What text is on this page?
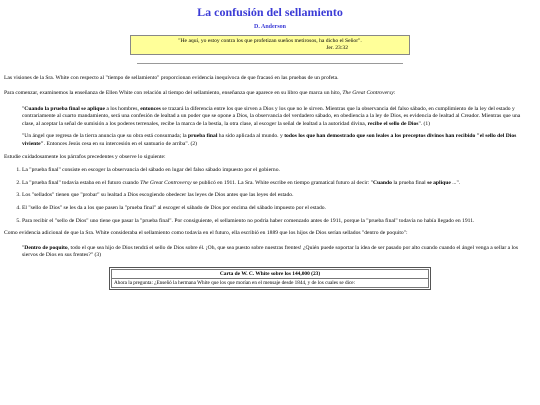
La confusión del sellamiento
D. Anderson
"He aquí, yo estoy contra los que profetizan sueños metirosos, ha dicho el Señor".
Jer. 23:32

Las visiones de la Sra. White con respecto al "tiempo de sellamiento" proporcionan evidencia inequívoca de que fracasó en las pruebas de un profeta.

Para comenzar, examinemos la enseñanza de Ellen White con relación al tiempo del sellamiento, enseñanza que aparece en su libro que marca un hito, The Great Controversy:

"Cuando la prueba final se aplique a los hombres, entonces se trazará la diferencia entre los que sirven a Dios y los que no le sirven. Mientras que la observancia del falso sábado, en cumplimiento de la ley del estado y contrariamente al cuarto mandamiento, será una confesión de lealtad a un poder que se opone a Dios, la observancia del verdadero sábado, en obediencia a la ley de Dios, es evidencia de lealtad al Creador. Mientras que una clase, al aceptar la señal de sumisión a los poderes terrenales, recibe la marca de la bestia, la otra clase, al escoger la señal de lealtad a la autoridad divina, recibe el sello de Dios". (1)

"Un ángel que regresa de la tierra anuncia que su obra está consumada; la prueba final ha sido aplicada al mundo. y todos los que han demostrado que son leales a los preceptos divinos han recibido "el sello del Dios viviente". Entonces Jesús cesa en su intercesión en el santuario de arriba". (2)

Estudie cuidadosamente los párrafos precedentes y observe lo siguiente:

1. La "prueba final" consiste en escoger la observancia del sábado en lugar del falso sábado impuesto por el gobierno.
2. La "prueba final" todavía estaba en el futuro cuando The Great Controversy se publicó en 1911. La Sra. White escribe en tiempo gramatical futuro al decir: "Cuando la prueba final se aplique ...".
3. Los "sellados" tienen que "probar" su lealtad a Dios escogiendo obedecer las leyes de Dios antes que las leyes del estado.
4. El "sello de Dios" se les da a los que pasen la "prueba final" al escoger el sábado de Dios por encima del sábado impuesto por el estado.
5. Para recibir el "sello de Dios" uno tiene que pasar la "prueba final". Por consiguiente, el sellamiento no podría haber comenzado antes de 1911, porque la "prueba final" todavía no había llegado en 1911.

Como evidencia adicional de que la Sra. White consideraba el sellamiento como todavía en el futuro, ella escribió en 1889 que los hijos de Dios serían sellados "dentro de poquito":

"Dentro de poquito, todo el que sea hijo de Dios tendrá el sello de Dios sobre él. ¡Oh, que sea puesto sobre nuestras frentes! ¿Quién puede soportar la idea de ser pasado por alto cuando cuando el ángel venga a sellar a los siervos de Dios en sus frentes?" (3)

Carta de W. C. White sobre los 144,000 (23)
Ahora la pregunta: ¿Enseñó la hermana White que los que morían en el mensaje desde 1844, y de los cuales se dice:
